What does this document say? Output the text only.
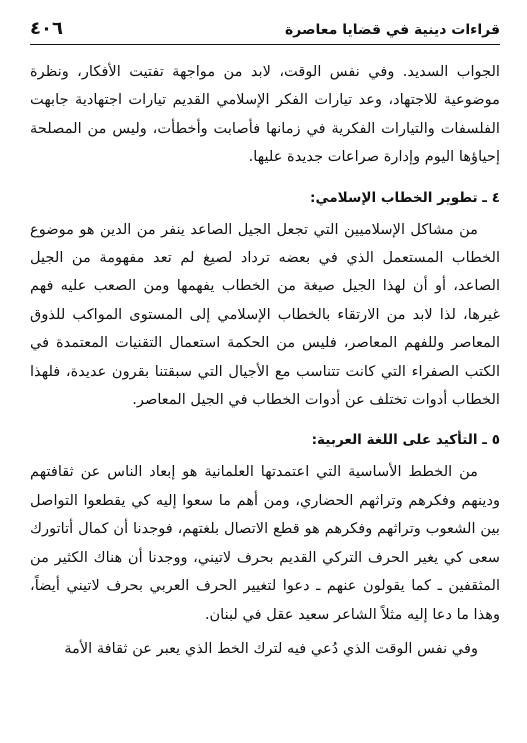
قراءات دينية في قضايا معاصرة
٤٠٦

الجواب السديد. وفي نفس الوقت، لابد من مواجهة تفتيت الأفكار، ونظرة موضوعية للاجتهاد، وعد تيارات الفكر الإسلامي القديم تيارات اجتهادية جابهت الفلسفات والتيارات الفكرية في زمانها فأصابت وأخطأت، وليس من المصلحة إحياؤها اليوم وإدارة صراعات جديدة عليها.

٤ ـ تطوير الخطاب الإسلامي:

من مشاكل الإسلاميين التي تجعل الجيل الصاعد ينفر من الدين هو موضوع الخطاب المستعمل الذي في بعضه ترداد لصيغ لم تعد مفهومة من الجيل الصاعد، أو أن لهذا الجيل صيغة من الخطاب يفهمها ومن الصعب عليه فهم غيرها، لذا لابد من الارتقاء بالخطاب الإسلامي إلى المستوى المواكب للذوق المعاصر وللفهم المعاصر، فليس من الحكمة استعمال التقنيات المعتمدة في الكتب الصفراء التي كانت تتناسب مع الأجيال التي سبقتنا بقرون عديدة، فلهذا الخطاب أدوات تختلف عن أدوات الخطاب في الجيل المعاصر.

٥ ـ التأكيد على اللغة العربية:

من الخطط الأساسية التي اعتمدتها العلمانية هو إبعاد الناس عن ثقافتهم ودينهم وفكرهم وتراثهم الحضاري، ومن أهم ما سعوا إليه كي يقطعوا التواصل بين الشعوب وتراثهم وفكرهم هو قطع الاتصال بلغتهم، فوجدنا أن كمال أتاتورك سعى كي يغير الحرف التركي القديم بحرف لاتيني، ووجدنا أن هناك الكثير من المثقفين ـ كما يقولون عنهم ـ دعوا لتغيير الحرف العربي بحرف لاتيني أيضاً، وهذا ما دعا إليه مثلاً الشاعر سعيد عقل في لبنان.

وفي نفس الوقت الذي دُعي فيه لترك الخط الذي يعبر عن ثقافة الأمة
